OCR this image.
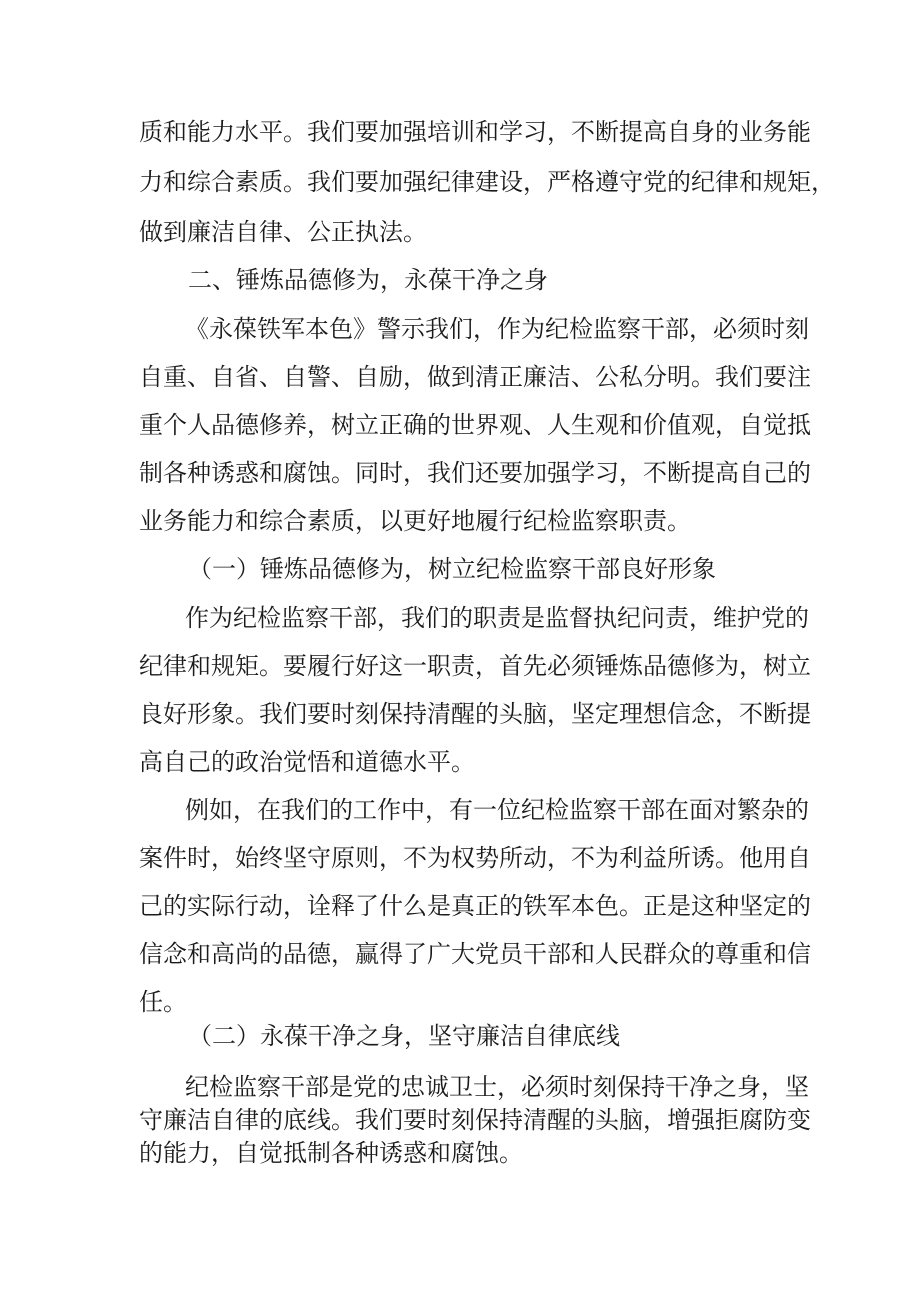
质和能力水平。我们要加强培训和学习，不断提高自身的业务能

力和综合素质。我们要加强纪律建设，严格遵守党的纪律和规矩，

做到廉洁自律、公正执法。

二、锤炼品德修为，永葆干净之身

《永葆铁军本色》警示我们，作为纪检监察干部，必须时刻

自重、自省、自警、自励，做到清正廉洁、公私分明。我们要注

重个人品德修养，树立正确的世界观、人生观和价值观，自觉抵

制各种诱惑和腐蚀。同时，我们还要加强学习，不断提高自己的

业务能力和综合素质，以更好地履行纪检监察职责。

（一）锤炼品德修为，树立纪检监察干部良好形象

作为纪检监察干部，我们的职责是监督执纪问责，维护党的

纪律和规矩。要履行好这一职责，首先必须锤炼品德修为，树立

良好形象。我们要时刻保持清醒的头脑，坚定理想信念，不断提

高自己的政治觉悟和道德水平。

例如，在我们的工作中，有一位纪检监察干部在面对繁杂的

案件时，始终坚守原则，不为权势所动，不为利益所诱。他用自

己的实际行动，诠释了什么是真正的铁军本色。正是这种坚定的

信念和高尚的品德，赢得了广大党员干部和人民群众的尊重和信

任。

（二）永葆干净之身，坚守廉洁自律底线

纪检监察干部是党的忠诚卫士，必须时刻保持干净之身，坚

守廉洁自律的底线。我们要时刻保持清醒的头脑，增强拒腐防变

的能力，自觉抵制各种诱惑和腐蚀。
